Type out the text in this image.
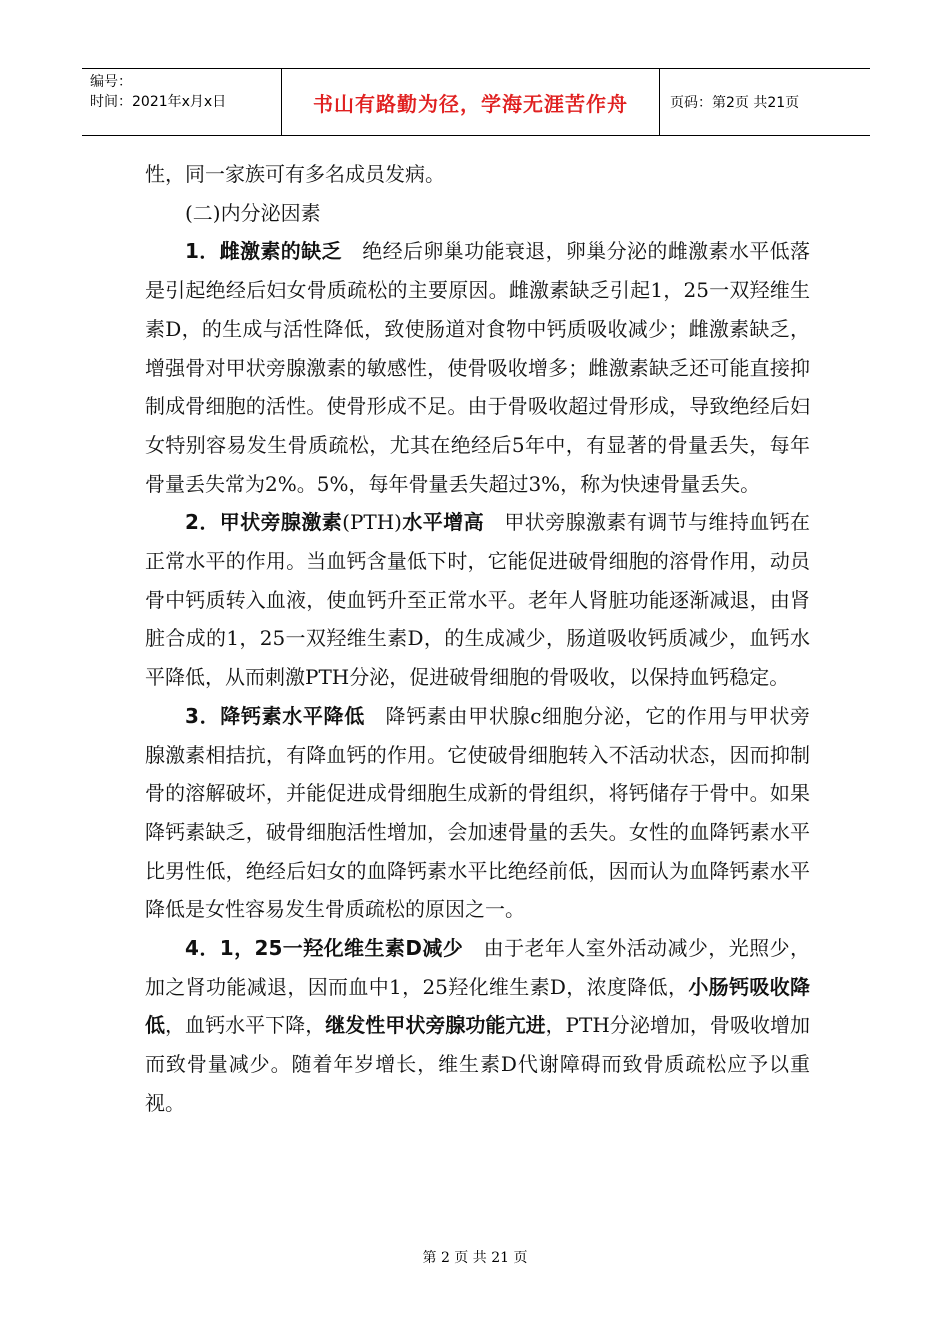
编号：
时间：2021年x月x日	书山有路勤为径，学海无涯苦作舟	页码：第2页 共21页

性，同一家族可有多名成员发病。

(二)内分泌因素

1．雌激素的缺乏　绝经后卵巢功能衰退，卵巢分泌的雌激素水平低落是引起绝经后妇女骨质疏松的主要原因。雌激素缺乏引起1，25一双羟维生素D，的生成与活性降低，致使肠道对食物中钙质吸收减少；雌激素缺乏，增强骨对甲状旁腺激素的敏感性，使骨吸收增多；雌激素缺乏还可能直接抑制成骨细胞的活性。使骨形成不足。由于骨吸收超过骨形成，导致绝经后妇女特别容易发生骨质疏松，尤其在绝经后5年中，有显著的骨量丢失，每年骨量丢失常为2%。5%，每年骨量丢失超过3%，称为快速骨量丢失。

2．甲状旁腺激素(PTH)水平增高　甲状旁腺激素有调节与维持血钙在正常水平的作用。当血钙含量低下时，它能促进破骨细胞的溶骨作用，动员骨中钙质转入血液，使血钙升至正常水平。老年人肾脏功能逐渐减退，由肾脏合成的1，25一双羟维生素D，的生成减少，肠道吸收钙质减少，血钙水平降低，从而刺激PTH分泌，促进破骨细胞的骨吸收，以保持血钙稳定。

3．降钙素水平降低　降钙素由甲状腺c细胞分泌，它的作用与甲状旁腺激素相拮抗，有降血钙的作用。它使破骨细胞转入不活动状态，因而抑制骨的溶解破坏，并能促进成骨细胞生成新的骨组织，将钙储存于骨中。如果降钙素缺乏，破骨细胞活性增加，会加速骨量的丢失。女性的血降钙素水平比男性低，绝经后妇女的血降钙素水平比绝经前低，因而认为血降钙素水平降低是女性容易发生骨质疏松的原因之一。

4．1，25一羟化维生素D减少　由于老年人室外活动减少，光照少，加之肾功能减退，因而血中1，25羟化维生素D，浓度降低，小肠钙吸收降低，血钙水平下降，继发性甲状旁腺功能亢进，PTH分泌增加，骨吸收增加而致骨量减少。随着年岁增长，维生素D代谢障碍而致骨质疏松应予以重视。

第 2 页 共 21 页
